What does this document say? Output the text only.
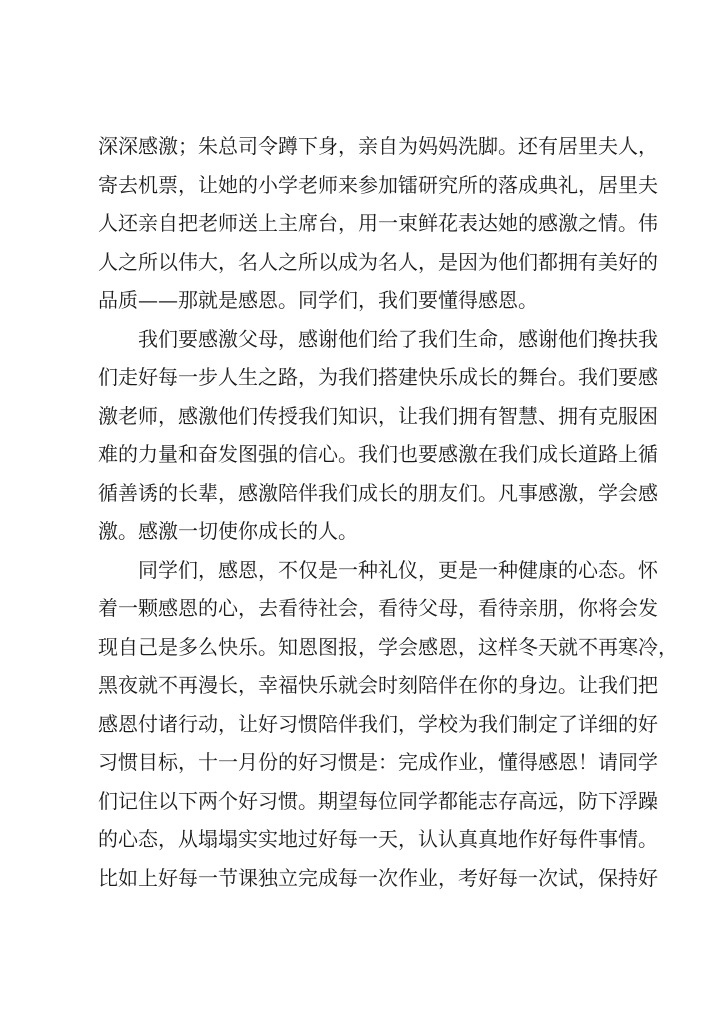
深深感激；朱总司令蹲下身，亲自为妈妈洗脚。还有居里夫人，
寄去机票，让她的小学老师来参加镭研究所的落成典礼，居里夫
人还亲自把老师送上主席台，用一束鲜花表达她的感激之情。伟
人之所以伟大，名人之所以成为名人，是因为他们都拥有美好的
品质——那就是感恩。同学们，我们要懂得感恩。
我们要感激父母，感谢他们给了我们生命，感谢他们搀扶我
们走好每一步人生之路，为我们搭建快乐成长的舞台。我们要感
激老师，感激他们传授我们知识，让我们拥有智慧、拥有克服困
难的力量和奋发图强的信心。我们也要感激在我们成长道路上循
循善诱的长辈，感激陪伴我们成长的朋友们。凡事感激，学会感
激。感激一切使你成长的人。
同学们，感恩，不仅是一种礼仪，更是一种健康的心态。怀
着一颗感恩的心，去看待社会，看待父母，看待亲朋，你将会发
现自己是多么快乐。知恩图报，学会感恩，这样冬天就不再寒冷，
黑夜就不再漫长，幸福快乐就会时刻陪伴在你的身边。让我们把
感恩付诸行动，让好习惯陪伴我们，学校为我们制定了详细的好
习惯目标，十一月份的好习惯是：完成作业，懂得感恩！请同学
们记住以下两个好习惯。期望每位同学都能志存高远，防下浮躁
的心态，从塌塌实实地过好每一天，认认真真地作好每件事情。
比如上好每一节课独立完成每一次作业，考好每一次试，保持好
